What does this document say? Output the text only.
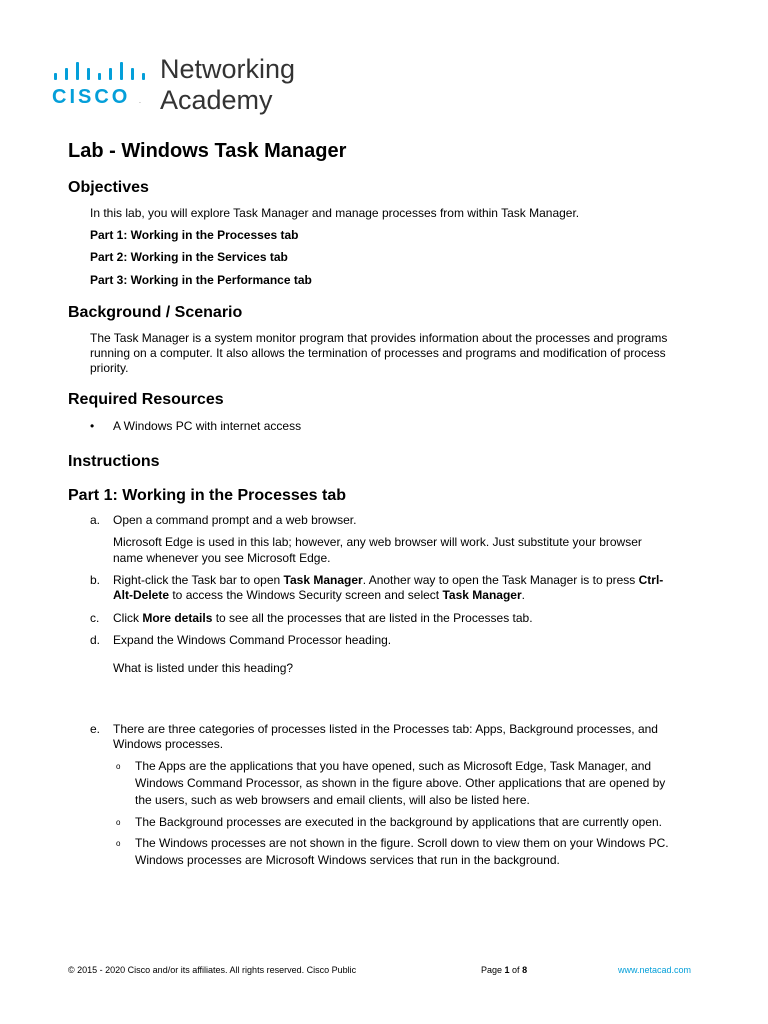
CISCO .
Networking
Academy
Lab - Windows Task Manager
Objectives
In this lab, you will explore Task Manager and manage processes from within Task Manager.
Part 1: Working in the Processes tab
Part 2: Working in the Services tab
Part 3: Working in the Performance tab
Background / Scenario
The Task Manager is a system monitor program that provides information about the processes and programs
running on a computer. It also allows the termination of processes and programs and modification of process
priority.
Required Resources
• A Windows PC with internet access
Instructions
Part 1: Working in the Processes tab
a. Open a command prompt and a web browser.
Microsoft Edge is used in this lab; however, any web browser will work. Just substitute your browser
name whenever you see Microsoft Edge.
b. Right-click the Task bar to open Task Manager. Another way to open the Task Manager is to press Ctrl-
Alt-Delete to access the Windows Security screen and select Task Manager.
c. Click More details to see all the processes that are listed in the Processes tab.
d. Expand the Windows Command Processor heading.
What is listed under this heading?
e. There are three categories of processes listed in the Processes tab: Apps, Background processes, and
Windows processes.
o The Apps are the applications that you have opened, such as Microsoft Edge, Task Manager, and
Windows Command Processor, as shown in the figure above. Other applications that are opened by
the users, such as web browsers and email clients, will also be listed here.
o The Background processes are executed in the background by applications that are currently open.
o The Windows processes are not shown in the figure. Scroll down to view them on your Windows PC.
Windows processes are Microsoft Windows services that run in the background.
© 2015 - 2020 Cisco and/or its affiliates. All rights reserved. Cisco Public	Page 1 of 8	www.netacad.com
